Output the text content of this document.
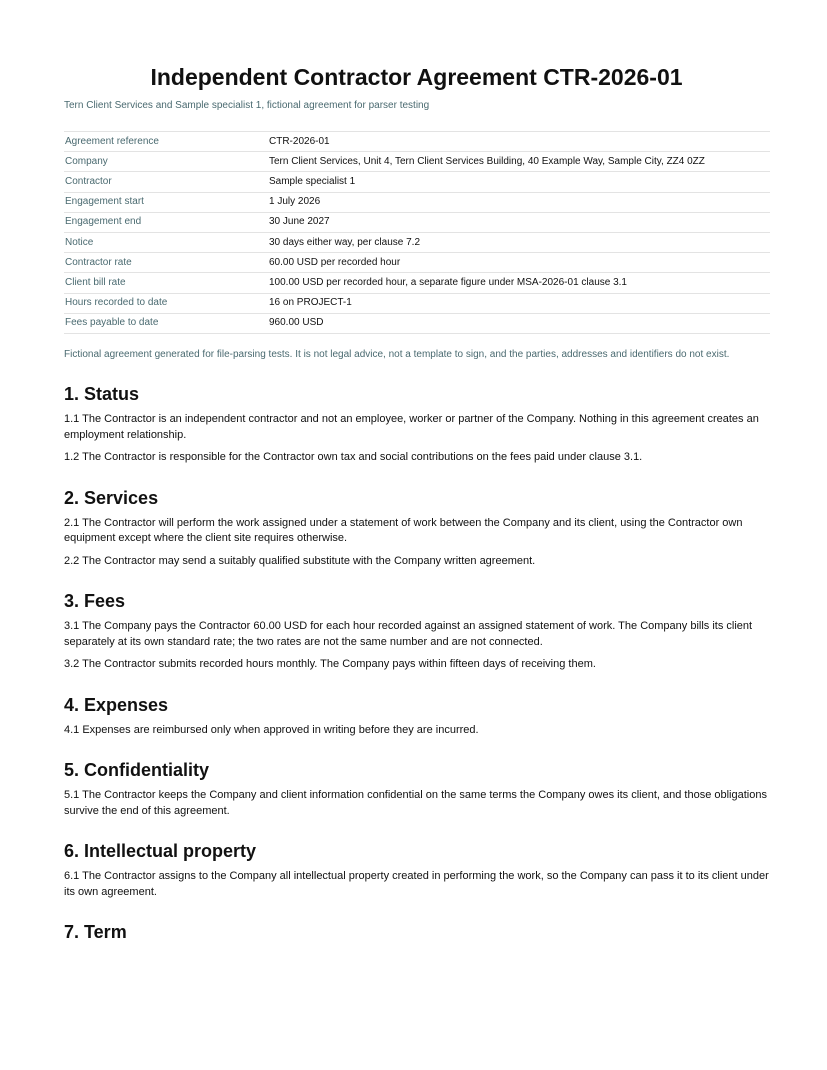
Independent Contractor Agreement CTR-2026-01
Tern Client Services and Sample specialist 1, fictional agreement for parser testing
Agreement reference	CTR-2026-01
Company	Tern Client Services, Unit 4, Tern Client Services Building, 40 Example Way, Sample City, ZZ4 0ZZ
Contractor	Sample specialist 1
Engagement start	1 July 2026
Engagement end	30 June 2027
Notice	30 days either way, per clause 7.2
Contractor rate	60.00 USD per recorded hour
Client bill rate	100.00 USD per recorded hour, a separate figure under MSA-2026-01 clause 3.1
Hours recorded to date	16 on PROJECT-1
Fees payable to date	960.00 USD
Fictional agreement generated for file-parsing tests. It is not legal advice, not a template to sign, and the parties, addresses and identifiers do not exist.
1. Status

1.1 The Contractor is an independent contractor and not an employee, worker or partner of the Company. Nothing in this agreement creates an employment relationship.

1.2 The Contractor is responsible for the Contractor own tax and social contributions on the fees paid under clause 3.1.

2. Services

2.1 The Contractor will perform the work assigned under a statement of work between the Company and its client, using the Contractor own equipment except where the client site requires otherwise.

2.2 The Contractor may send a suitably qualified substitute with the Company written agreement.

3. Fees

3.1 The Company pays the Contractor 60.00 USD for each hour recorded against an assigned statement of work. The Company bills its client separately at its own standard rate; the two rates are not the same number and are not connected.

3.2 The Contractor submits recorded hours monthly. The Company pays within fifteen days of receiving them.

4. Expenses

4.1 Expenses are reimbursed only when approved in writing before they are incurred.

5. Confidentiality

5.1 The Contractor keeps the Company and client information confidential on the same terms the Company owes its client, and those obligations survive the end of this agreement.

6. Intellectual property

6.1 The Contractor assigns to the Company all intellectual property created in performing the work, so the Company can pass it to its client under its own agreement.

7. Term
